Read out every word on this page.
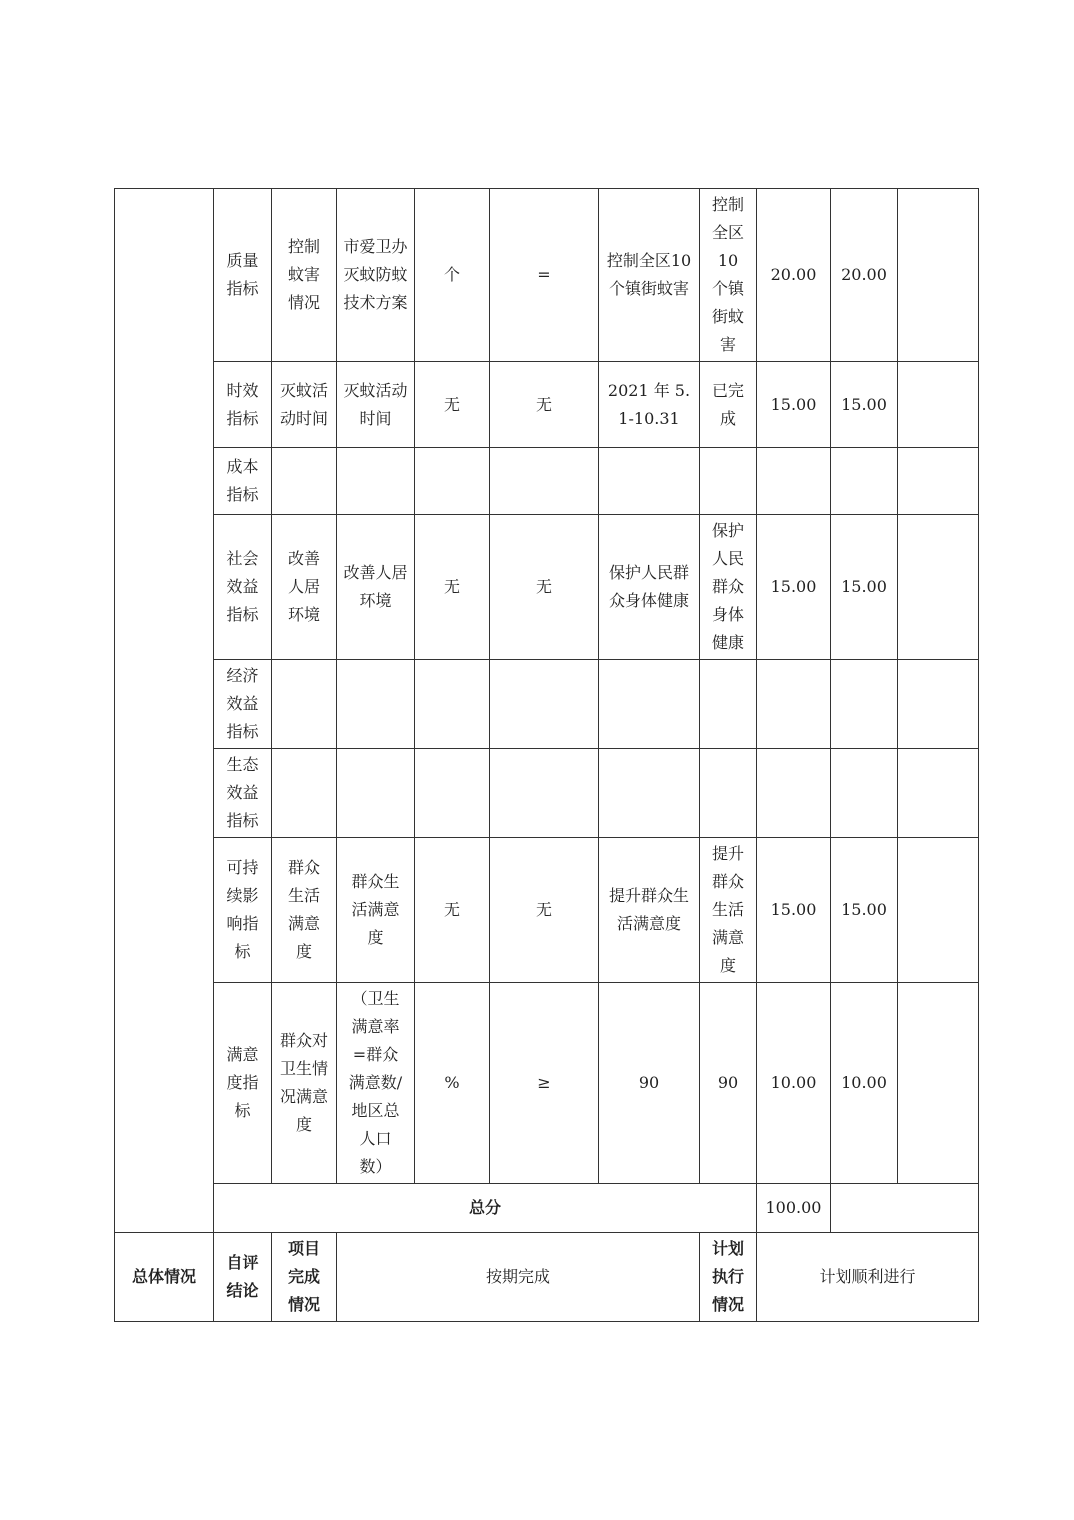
	质量指标	控制蚊害情况	市爱卫办灭蚊防蚊技术方案	个	=	控制全区10个镇街蚊害	控制全区10个镇街蚊害	20.00	20.00	

	时效指标	灭蚊活动时间	灭蚊活动时间	无	无	2021 年 5.1-10.31	已完成	15.00	15.00	

	成本指标									

	社会效益指标	改善人居环境	改善人居环境	无	无	保护人民群众身体健康	保护人民群众身体健康	15.00	15.00	

	经济效益指标									

	生态效益指标									

	可持续影响指标	群众生活满意度	群众生活满意度	无	无	提升群众生活满意度	提升群众生活满意度	15.00	15.00	

	满意度指标	群众对卫生情况满意度	（卫生满意率=群众满意数/地区总人口数）	%	≥	90	90	10.00	10.00	
	总分							100.00		
总体情况	自评结论	项目完成情况	按期完成				计划执行情况	计划顺利进行		
